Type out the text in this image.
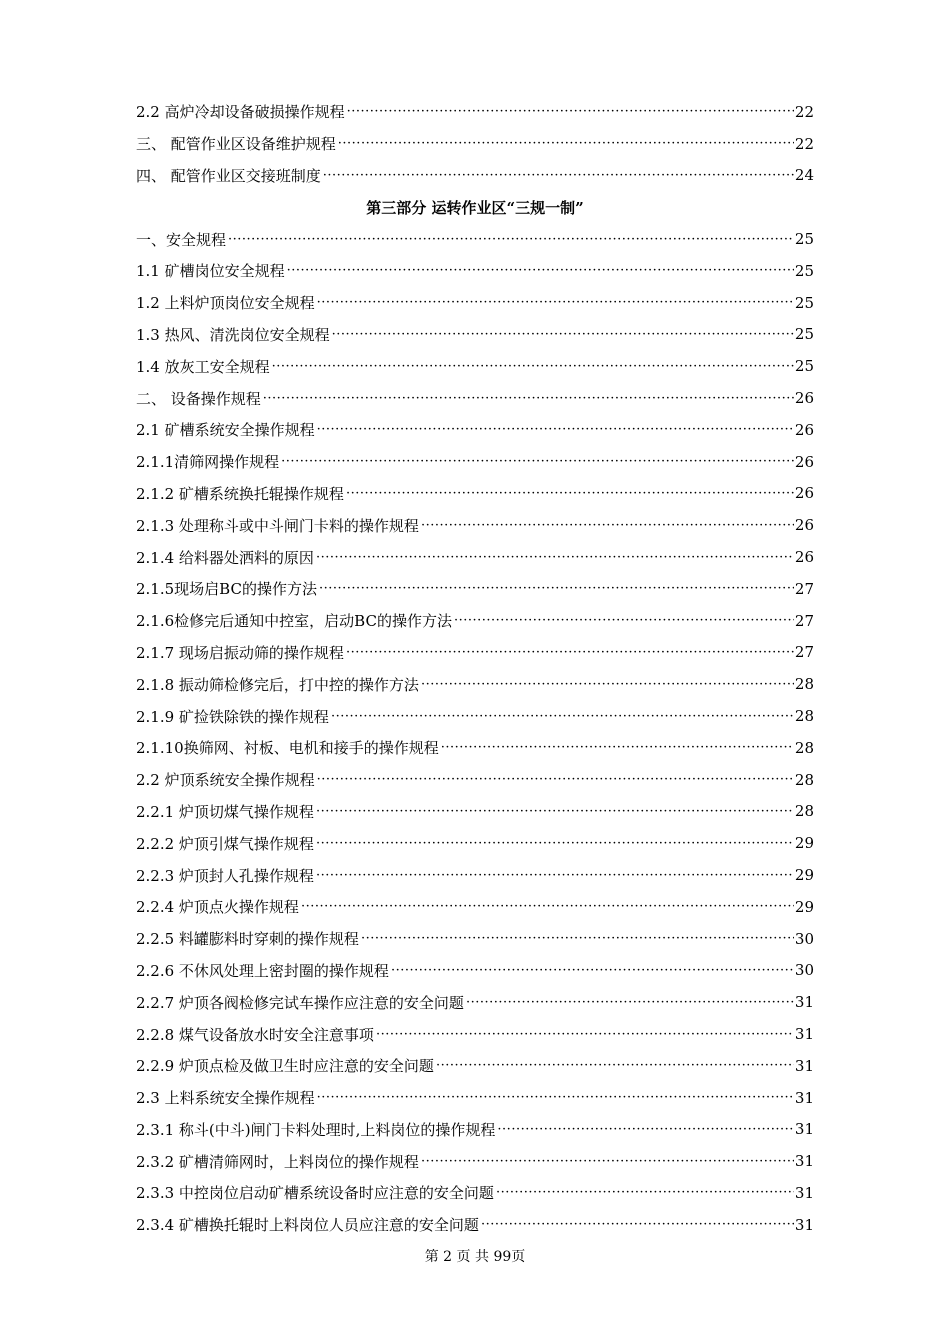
2.2 高炉冷却设备破损操作规程 ·····	22
三、 配管作业区设备维护规程 ·····	22
四、 配管作业区交接班制度 ·····	24
第三部分 运转作业区“三规一制”
一、安全规程 ·····	25
1.1 矿槽岗位安全规程 ·····	25
1.2 上料炉顶岗位安全规程 ·····	25
1.3 热风、清洗岗位安全规程 ·····	25
1.4 放灰工安全规程 ·····	25
二、 设备操作规程 ·····	26
2.1 矿槽系统安全操作规程 ·····	26
2.1.1清筛网操作规程 ·····	26
2.1.2 矿槽系统换托辊操作规程 ·····	26
2.1.3 处理称斗或中斗闸门卡料的操作规程 ·····	26
2.1.4 给料器处洒料的原因 ·····	26
2.1.5现场启BC的操作方法 ·····	27
2.1.6检修完后通知中控室，启动BC的操作方法 ·····	27
2.1.7 现场启振动筛的操作规程 ·····	27
2.1.8 振动筛检修完后，打中控的操作方法 ·····	28
2.1.9 矿捡铁除铁的操作规程 ·····	28
2.1.10换筛网、衬板、电机和接手的操作规程 ·····	28
2.2 炉顶系统安全操作规程 ·····	28
2.2.1 炉顶切煤气操作规程 ·····	28
2.2.2 炉顶引煤气操作规程 ·····	29
2.2.3 炉顶封人孔操作规程 ·····	29
2.2.4 炉顶点火操作规程 ·····	29
2.2.5 料罐膨料时穿刺的操作规程 ·····	30
2.2.6 不休风处理上密封圈的操作规程 ·····	30
2.2.7 炉顶各阀检修完试车操作应注意的安全问题 ·····	31
2.2.8 煤气设备放水时安全注意事项 ·····	31
2.2.9 炉顶点检及做卫生时应注意的安全问题 ·····	31
2.3 上料系统安全操作规程 ·····	31
2.3.1 称斗(中斗)闸门卡料处理时,上料岗位的操作规程 ·····	31
2.3.2 矿槽清筛网时，上料岗位的操作规程 ·····	31
2.3.3 中控岗位启动矿槽系统设备时应注意的安全问题 ·····	31
2.3.4 矿槽换托辊时上料岗位人员应注意的安全问题 ·····	31
第 2 页 共 99页
